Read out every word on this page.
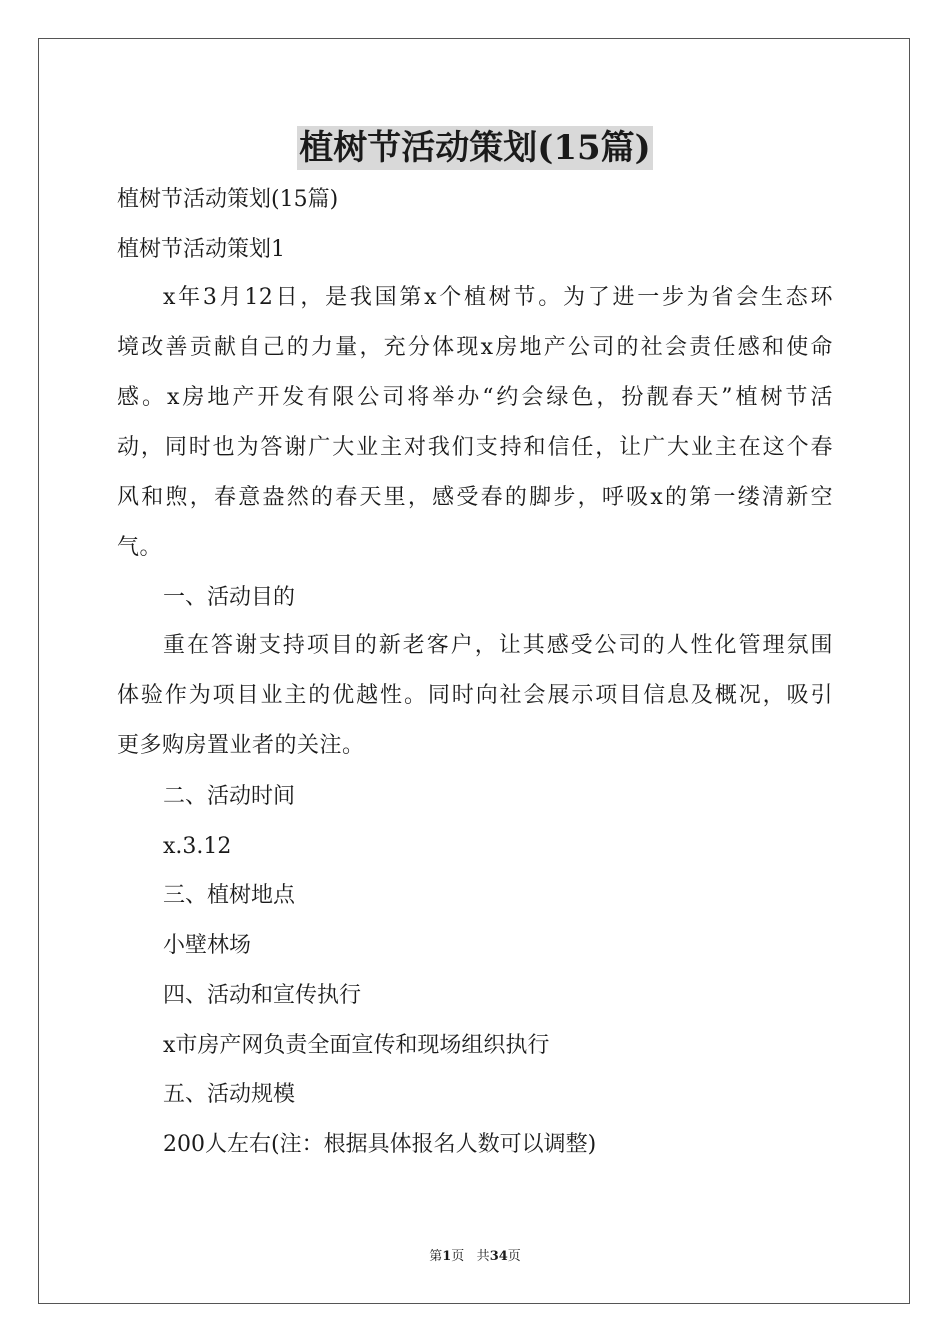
植树节活动策划(15篇)
植树节活动策划(15篇)
植树节活动策划1
x年3月12日，是我国第x个植树节。为了进一步为省会生态环
境改善贡献自己的力量，充分体现x房地产公司的社会责任感和使命
感。x房地产开发有限公司将举办“约会绿色，扮靓春天”植树节活
动，同时也为答谢广大业主对我们支持和信任，让广大业主在这个春
风和煦，春意盎然的春天里，感受春的脚步，呼吸x的第一缕清新空
气。
一、活动目的
重在答谢支持项目的新老客户，让其感受公司的人性化管理氛围
体验作为项目业主的优越性。同时向社会展示项目信息及概况，吸引
更多购房置业者的关注。
二、活动时间
x.3.12
三、植树地点
小壁林场
四、活动和宣传执行
x市房产网负责全面宣传和现场组织执行
五、活动规模
200人左右(注：根据具体报名人数可以调整)
第1页 共34页
